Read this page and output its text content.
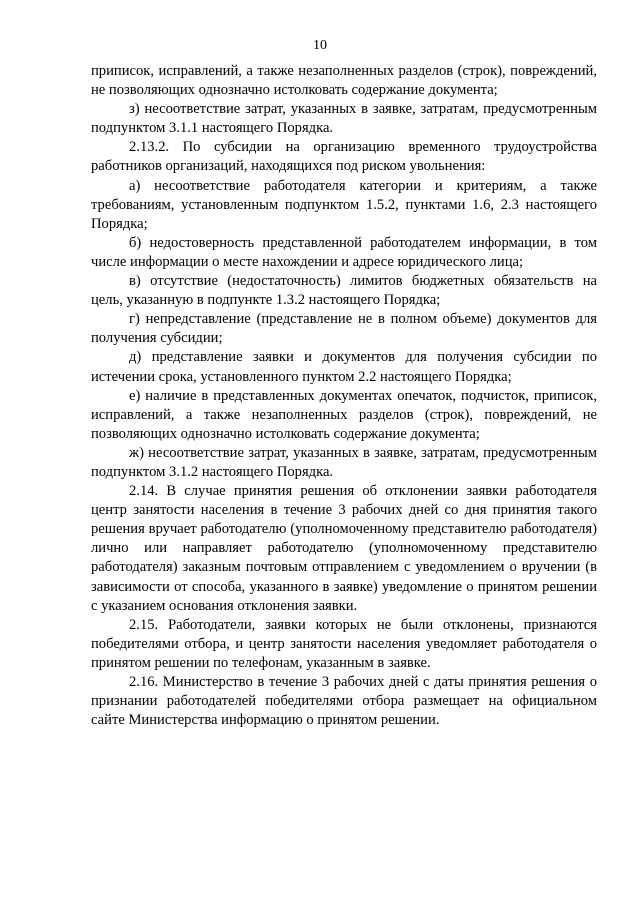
10

приписок, исправлений, а также незаполненных разделов (строк), повреждений, не позволяющих однозначно истолковать содержание документа;

з) несоответствие затрат, указанных в заявке, затратам, предусмотренным подпунктом 3.1.1 настоящего Порядка.

2.13.2. По субсидии на организацию временного трудоустройства работников организаций, находящихся под риском увольнения:

а) несоответствие работодателя категории и критериям, а также требованиям, установленным подпунктом 1.5.2, пунктами 1.6, 2.3 настоящего Порядка;

б) недостоверность представленной работодателем информации, в том числе информации о месте нахождении и адресе юридического лица;

в) отсутствие (недостаточность) лимитов бюджетных обязательств на цель, указанную в подпункте 1.3.2 настоящего Порядка;

г) непредставление (представление не в полном объеме) документов для получения субсидии;

д) представление заявки и документов для получения субсидии по истечении срока, установленного пунктом 2.2 настоящего Порядка;

е) наличие в представленных документах опечаток, подчисток, приписок, исправлений, а также незаполненных разделов (строк), повреждений, не позволяющих однозначно истолковать содержание документа;

ж) несоответствие затрат, указанных в заявке, затратам, предусмотренным подпунктом 3.1.2 настоящего Порядка.

2.14. В случае принятия решения об отклонении заявки работодателя центр занятости населения в течение 3 рабочих дней со дня принятия такого решения вручает работодателю (уполномоченному представителю работодателя) лично или направляет работодателю (уполномоченному представителю работодателя) заказным почтовым отправлением с уведомлением о вручении (в зависимости от способа, указанного в заявке) уведомление о принятом решении с указанием основания отклонения заявки.

2.15. Работодатели, заявки которых не были отклонены, признаются победителями отбора, и центр занятости населения уведомляет работодателя о принятом решении по телефонам, указанным в заявке.

2.16. Министерство в течение 3 рабочих дней с даты принятия решения о признании работодателей победителями отбора размещает на официальном сайте Министерства информацию о принятом решении.
